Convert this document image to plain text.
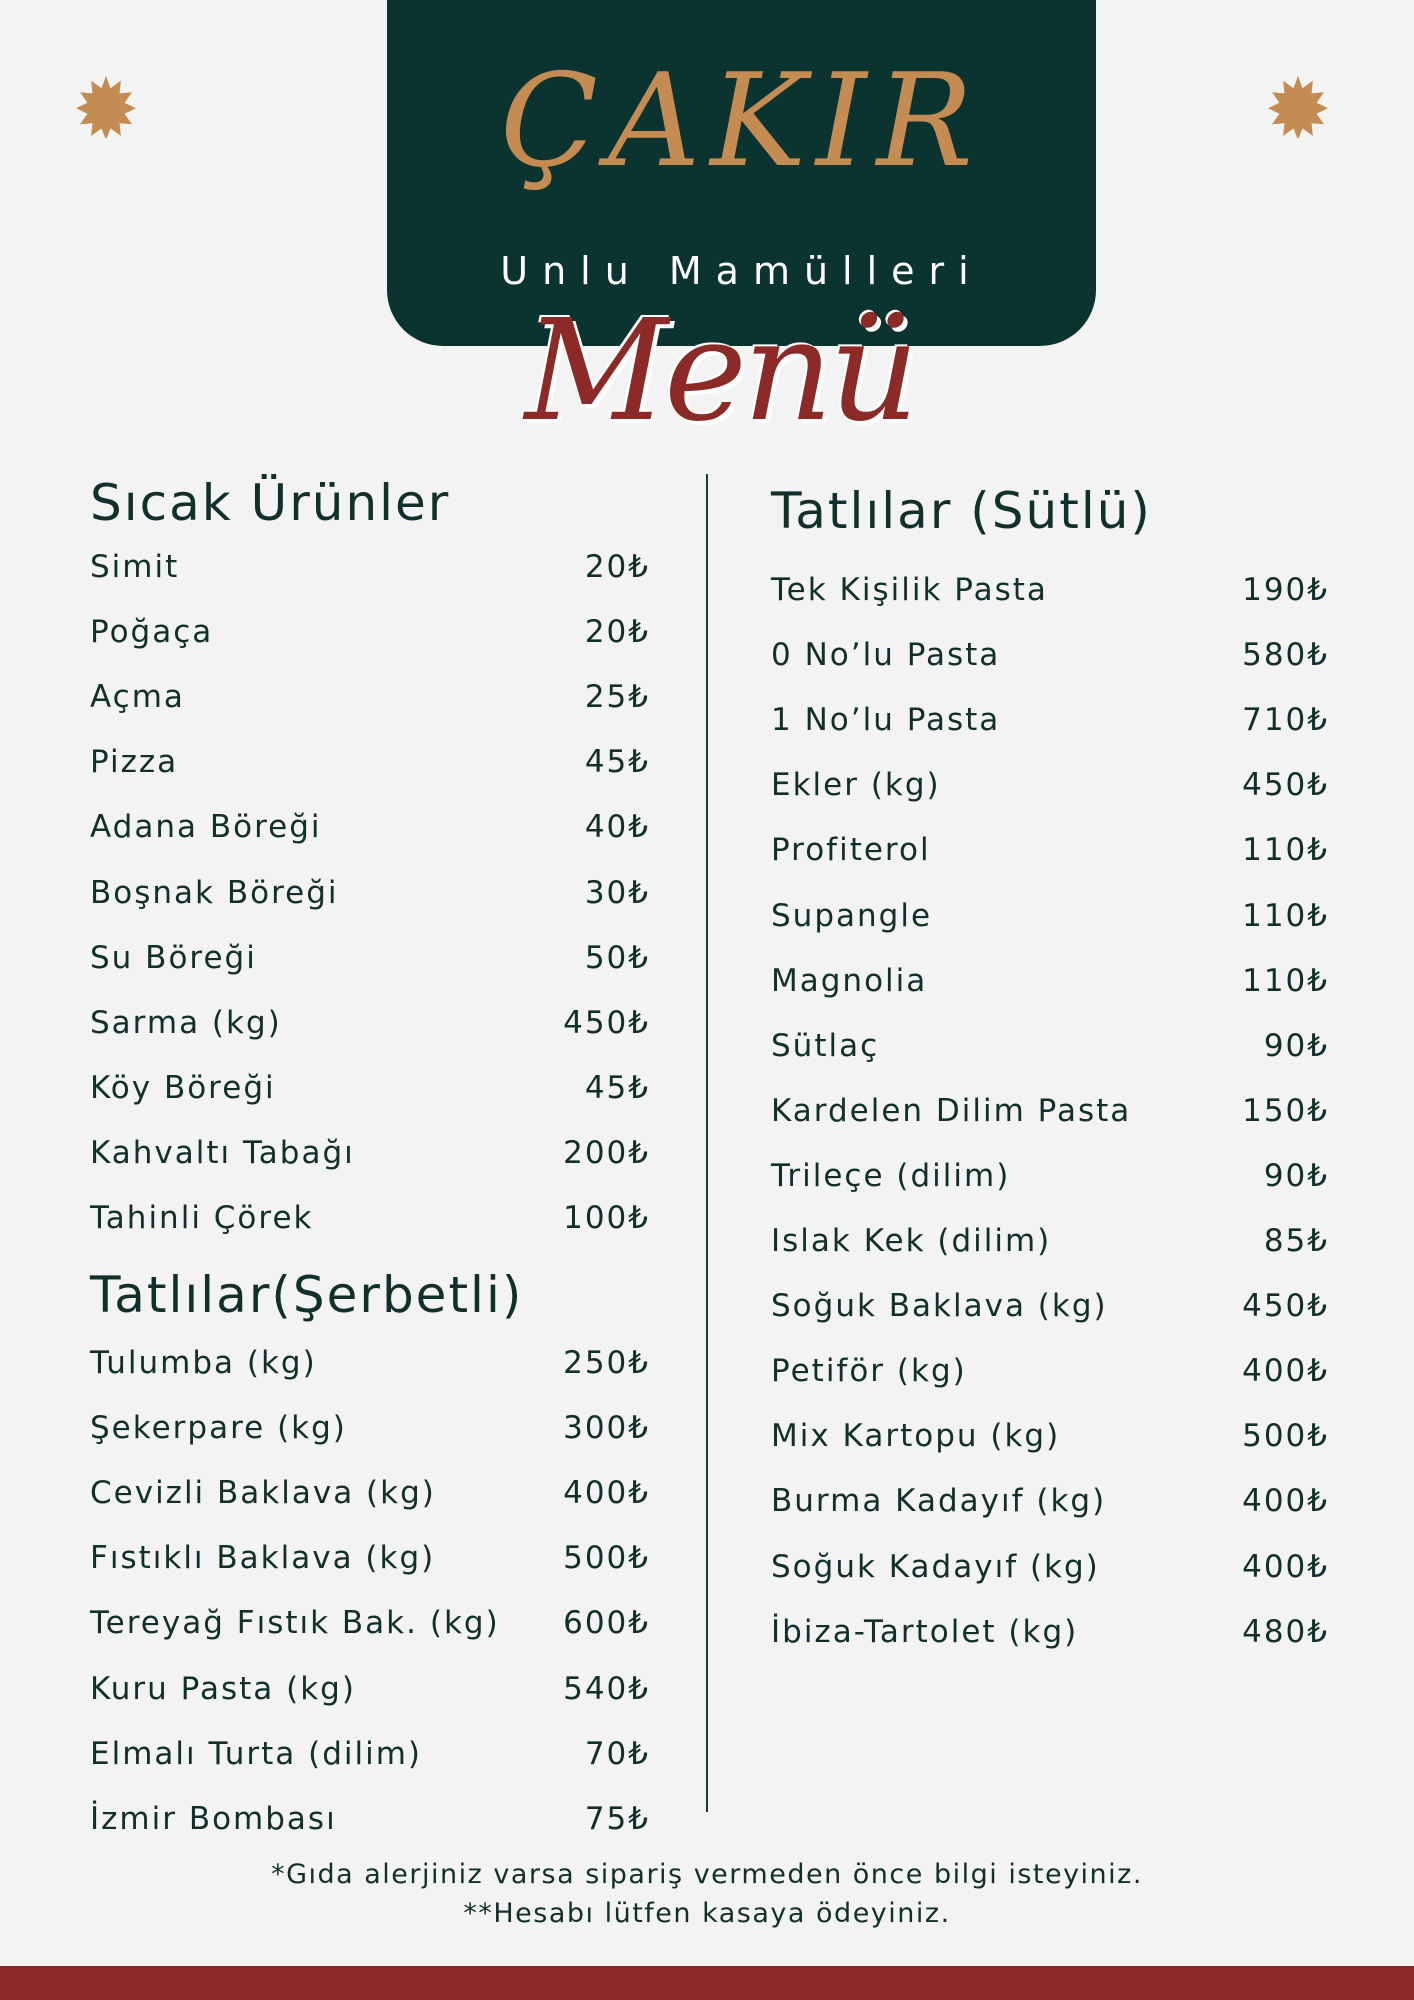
ÇAKIR
Unlu Mamülleri
Menü
Sıcak Ürünler
Simit	20₺
Poğaça	20₺
Açma	25₺
Pizza	45₺
Adana Böreği	40₺
Boşnak Böreği	30₺
Su Böreği	50₺
Sarma (kg)	450₺
Köy Böreği	45₺
Kahvaltı Tabağı	200₺
Tahinli Çörek	100₺
Tatlılar(Şerbetli)
Tulumba (kg)	250₺
Şekerpare (kg)	300₺
Cevizli Baklava (kg)	400₺
Fıstıklı Baklava (kg)	500₺
Tereyağ Fıstık Bak. (kg) 600₺
Kuru Pasta (kg)	540₺
Elmalı Turta (dilim)	70₺
İzmir Bombası	75₺
Tatlılar (Sütlü)
Tek Kişilik Pasta	190₺
0 No’lu Pasta	580₺
1 No’lu Pasta	710₺
Ekler (kg)	450₺
Profiterol	110₺
Supangle	110₺
Magnolia	110₺
Sütlaç	90₺
Kardelen Dilim Pasta	150₺
Trileçe (dilim)	90₺
Islak Kek (dilim)	85₺
Soğuk Baklava (kg)	450₺
Petiför (kg)	400₺
Mix Kartopu (kg)	500₺
Burma Kadayıf (kg)	400₺
Soğuk Kadayıf (kg)	400₺
İbiza-Tartolet (kg)	480₺
*Gıda alerjiniz varsa sipariş vermeden önce bilgi isteyiniz.
**Hesabı lütfen kasaya ödeyiniz.
